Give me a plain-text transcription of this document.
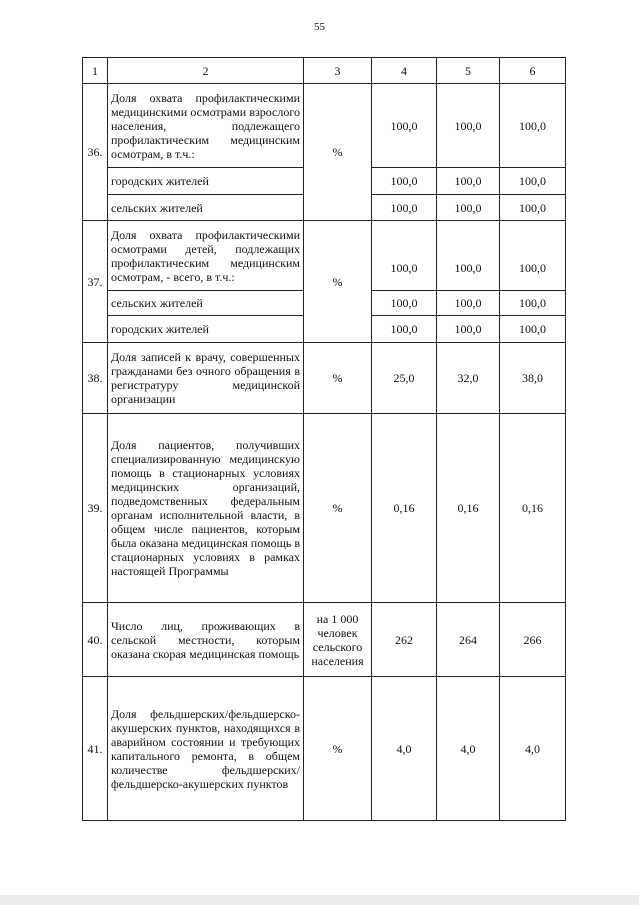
55
1	2	3	4	5	6
36.	Доля охвата профилактическими медицинскими осмотрами взрослого населения, подлежащего профилактическим медицинским осмотрам, в т.ч.:	%	100,0	100,0	100,0
	городских жителей		100,0	100,0	100,0
	сельских жителей		100,0	100,0	100,0
37.	Доля охвата профилактическими осмотрами детей, подлежащих профилактическим медицинским осмотрам, - всего, в т.ч.:	%	100,0	100,0	100,0
	сельских жителей		100,0	100,0	100,0
	городских жителей		100,0	100,0	100,0
38.	Доля записей к врачу, совершенных гражданами без очного обращения в регистратуру медицинской организации	%	25,0	32,0	38,0
39.	Доля пациентов, получивших специализированную медицинскую помощь в стационарных условиях медицинских организаций, подведомственных федеральным органам исполнительной власти, в общем числе пациентов, которым была оказана медицинская помощь в стационарных условиях в рамках настоящей Программы	%	0,16	0,16	0,16
40.	Число лиц, проживающих в сельской местности, которым оказана скорая медицинская помощь	на 1 000 человек сельского населения	262	264	266
41.	Доля фельдшерских/фельдшерско-акушерских пунктов, находящихся в аварийном состоянии и требующих капитального ремонта, в общем количестве фельдшерских/фельдшерско-акушерских пунктов	%	4,0	4,0	4,0
